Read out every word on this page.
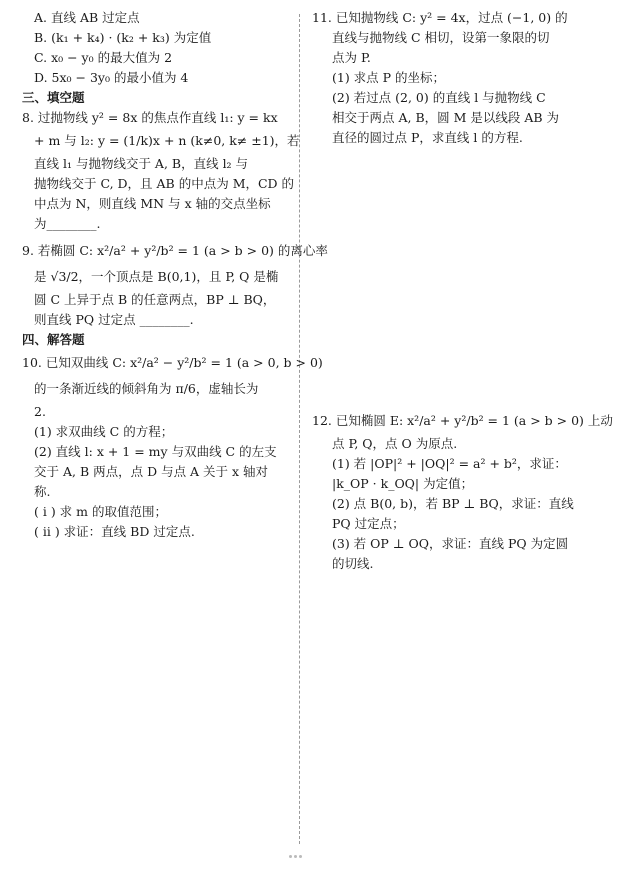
A. 直线 AB 过定点
B. (k₁ + k₄) · (k₂ + k₃) 为定值
C. x₀ − y₀ 的最大值为 2
D. 5x₀ − 3y₀ 的最小值为 4
三、填空题
8. 过抛物线 y² = 8x 的焦点作直线 l₁: y = kx
+ m 与 l₂: y = (1/k)x + n (k≠0, k≠ ±1)，若
直线 l₁ 与抛物线交于 A, B，直线 l₂ 与
抛物线交于 C, D，且 AB 的中点为 M，CD 的
中点为 N，则直线 MN 与 x 轴的交点坐标
为________.
9. 若椭圆 C: x²/a² + y²/b² = 1 (a > b > 0) 的离心率
是 √3/2，一个顶点是 B(0,1)，且 P, Q 是椭
圆 C 上异于点 B 的任意两点，BP ⊥ BQ，
则直线 PQ 过定点 ________.
四、解答题
10. 已知双曲线 C: x²/a² − y²/b² = 1 (a > 0, b > 0)
的一条渐近线的倾斜角为 π/6，虚轴长为
2.
(1) 求双曲线 C 的方程；
(2) 直线 l: x + 1 = my 与双曲线 C 的左支
交于 A, B 两点，点 D 与点 A 关于 x 轴对
称.
( ⅰ ) 求 m 的取值范围；
( ⅱ ) 求证：直线 BD 过定点.
11. 已知抛物线 C: y² = 4x，过点 (−1, 0) 的
直线与抛物线 C 相切，设第一象限的切
点为 P.
(1) 求点 P 的坐标；
(2) 若过点 (2, 0) 的直线 l 与抛物线 C
相交于两点 A, B，圆 M 是以线段 AB 为
直径的圆过点 P，求直线 l 的方程.
12. 已知椭圆 E: x²/a² + y²/b² = 1 (a > b > 0) 上动
点 P, Q，点 O 为原点.
(1) 若 |OP|² + |OQ|² = a² + b²，求证：
|k_OP · k_OQ| 为定值；
(2) 点 B(0, b)，若 BP ⊥ BQ，求证：直线
PQ 过定点；
(3) 若 OP ⊥ OQ，求证：直线 PQ 为定圆
的切线.
